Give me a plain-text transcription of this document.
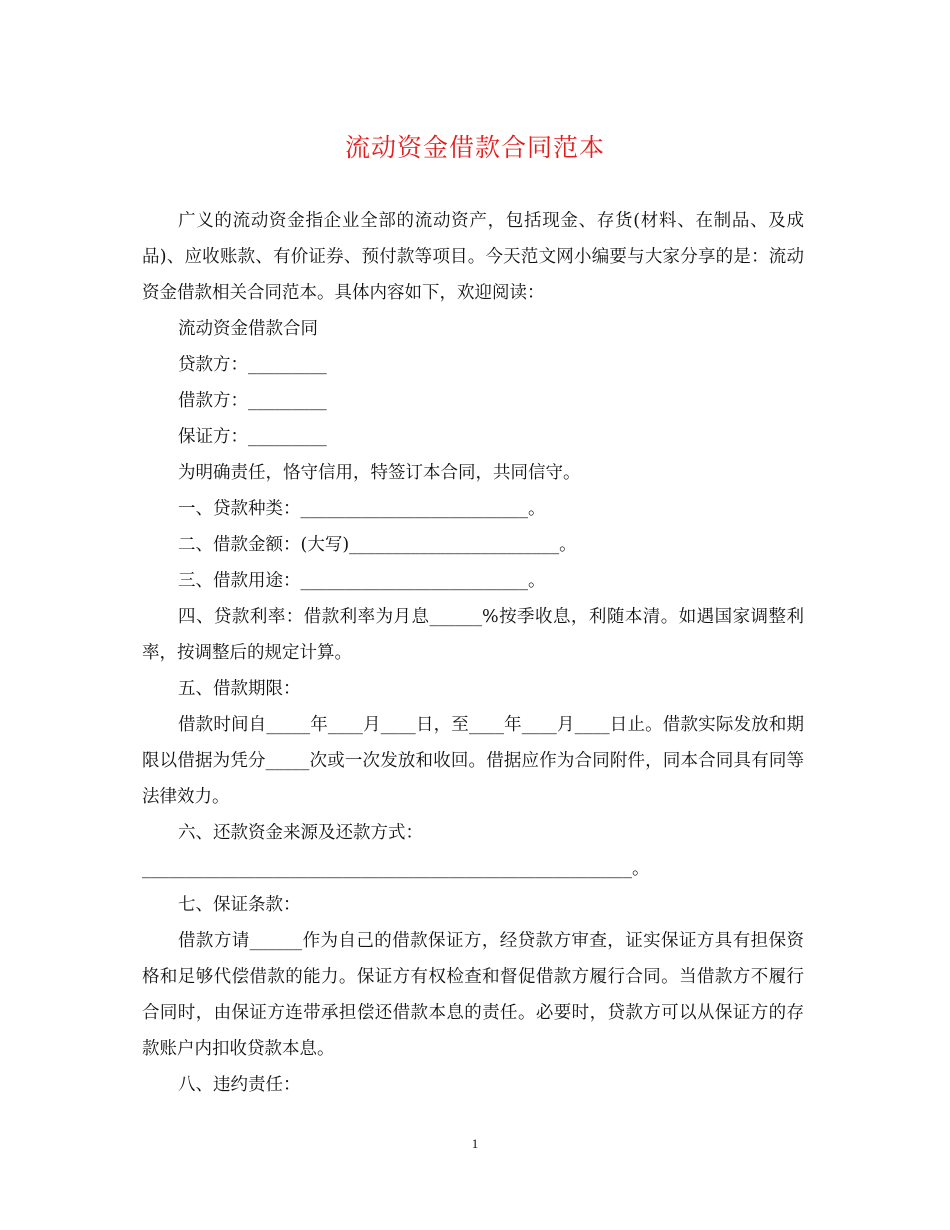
流动资金借款合同范本

广义的流动资金指企业全部的流动资产，包括现金、存货(材料、在制品、及成品)、应收账款、有价证券、预付款等项目。今天范文网小编要与大家分享的是：流动资金借款相关合同范本。具体内容如下，欢迎阅读：

流动资金借款合同

贷款方：_________

借款方：_________

保证方：_________

为明确责任，恪守信用，特签订本合同，共同信守。

一、贷款种类：__________________________。

二、借款金额：(大写)________________________。

三、借款用途：__________________________。

四、贷款利率：借款利率为月息______%按季收息，利随本清。如遇国家调整利率，按调整后的规定计算。

五、借款期限：

借款时间自_____年____月____日，至____年____月____日止。借款实际发放和期限以借据为凭分_____次或一次发放和收回。借据应作为合同附件，同本合同具有同等法律效力。

六、还款资金来源及还款方式：

________________________________________________________。

七、保证条款：

借款方请______作为自己的借款保证方，经贷款方审查，证实保证方具有担保资格和足够代偿借款的能力。保证方有权检查和督促借款方履行合同。当借款方不履行合同时，由保证方连带承担偿还借款本息的责任。必要时，贷款方可以从保证方的存款账户内扣收贷款本息。

八、违约责任：

1
